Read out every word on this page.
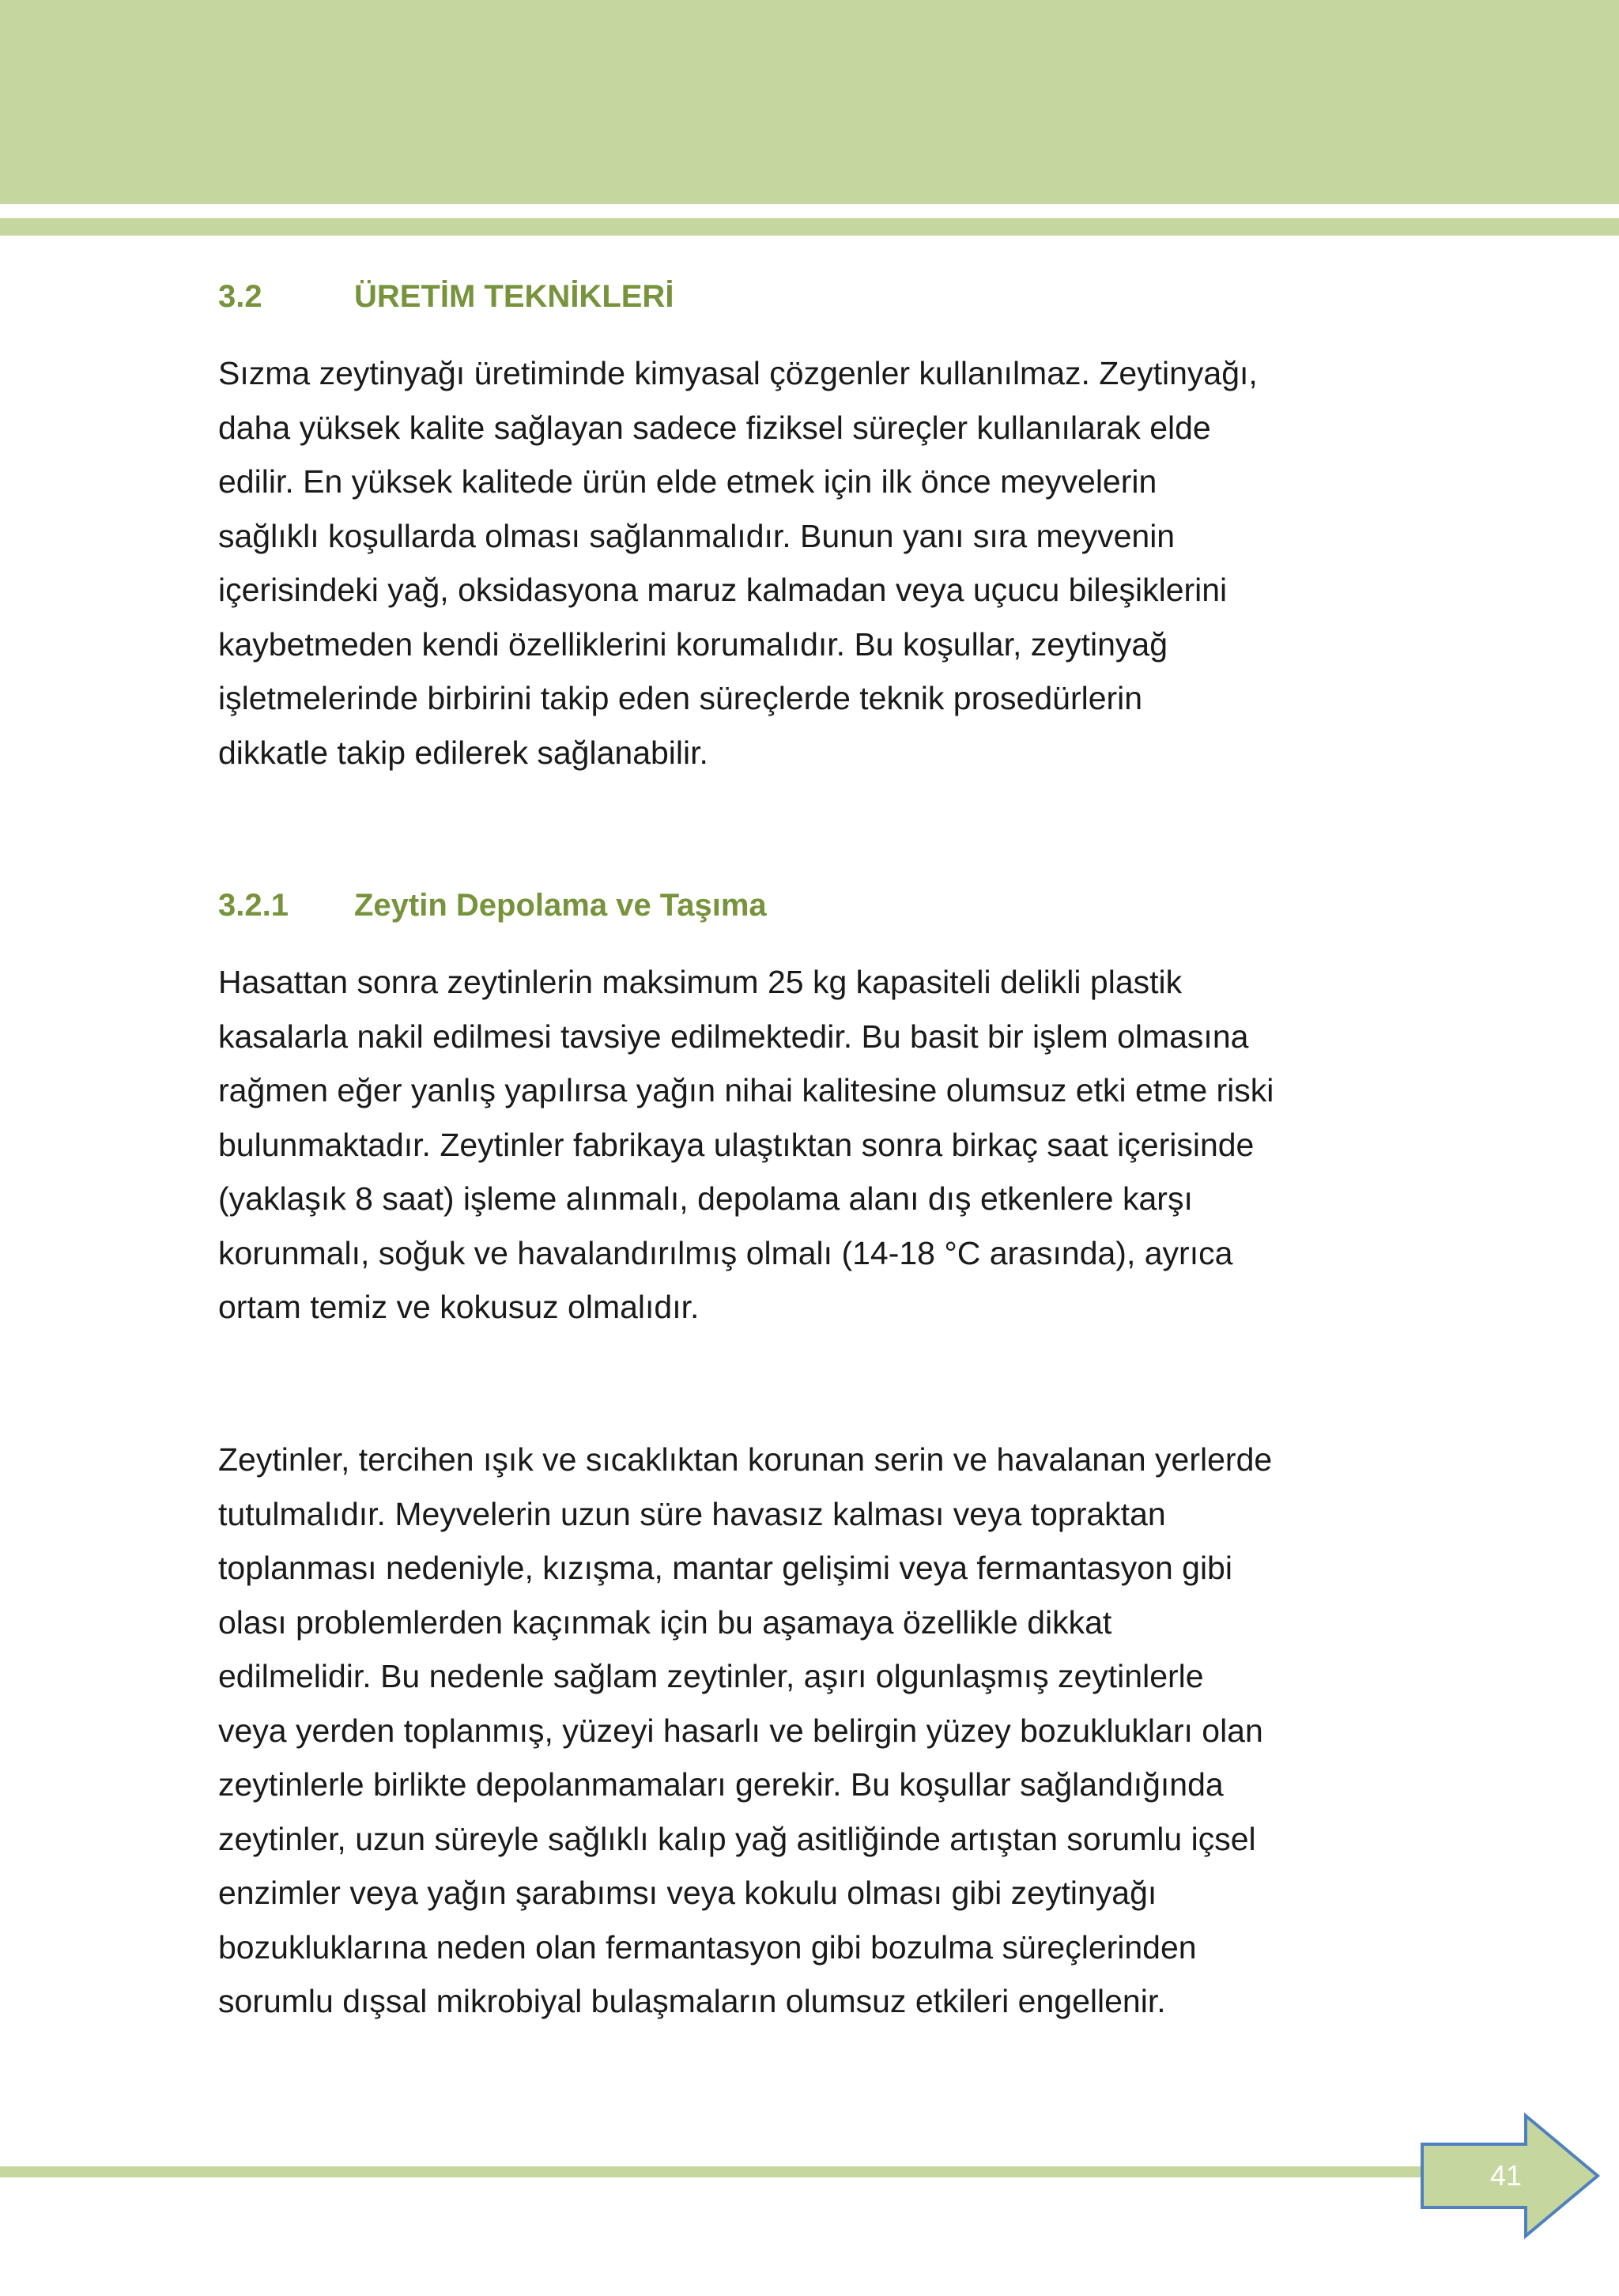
3.2	ÜRETİM TEKNİKLERİ
Sızma zeytinyağı üretiminde kimyasal çözgenler kullanılmaz. Zeytinyağı,
daha yüksek kalite sağlayan sadece fiziksel süreçler kullanılarak elde
edilir. En yüksek kalitede ürün elde etmek için ilk önce meyvelerin
sağlıklı koşullarda olması sağlanmalıdır. Bunun yanı sıra meyvenin
içerisindeki yağ, oksidasyona maruz kalmadan veya uçucu bileşiklerini
kaybetmeden kendi özelliklerini korumalıdır. Bu koşullar, zeytinyağ
işletmelerinde birbirini takip eden süreçlerde teknik prosedürlerin
dikkatle takip edilerek sağlanabilir.
3.2.1 Zeytin Depolama ve Taşıma
Hasattan sonra zeytinlerin maksimum 25 kg kapasiteli delikli plastik
kasalarla nakil edilmesi tavsiye edilmektedir. Bu basit bir işlem olmasına
rağmen eğer yanlış yapılırsa yağın nihai kalitesine olumsuz etki etme riski
bulunmaktadır. Zeytinler fabrikaya ulaştıktan sonra birkaç saat içerisinde
(yaklaşık 8 saat) işleme alınmalı, depolama alanı dış etkenlere karşı
korunmalı, soğuk ve havalandırılmış olmalı (14-18 °C arasında), ayrıca
ortam temiz ve kokusuz olmalıdır.
Zeytinler, tercihen ışık ve sıcaklıktan korunan serin ve havalanan yerlerde
tutulmalıdır. Meyvelerin uzun süre havasız kalması veya topraktan
toplanması nedeniyle, kızışma, mantar gelişimi veya fermantasyon gibi
olası problemlerden kaçınmak için bu aşamaya özellikle dikkat
edilmelidir. Bu nedenle sağlam zeytinler, aşırı olgunlaşmış zeytinlerle
veya yerden toplanmış, yüzeyi hasarlı ve belirgin yüzey bozuklukları olan
zeytinlerle birlikte depolanmamaları gerekir. Bu koşullar sağlandığında
zeytinler, uzun süreyle sağlıklı kalıp yağ asitliğinde artıştan sorumlu içsel
enzimler veya yağın şarabımsı veya kokulu olması gibi zeytinyağı
bozukluklarına neden olan fermantasyon gibi bozulma süreçlerinden
sorumlu dışsal mikrobiyal bulaşmaların olumsuz etkileri engellenir.
41
